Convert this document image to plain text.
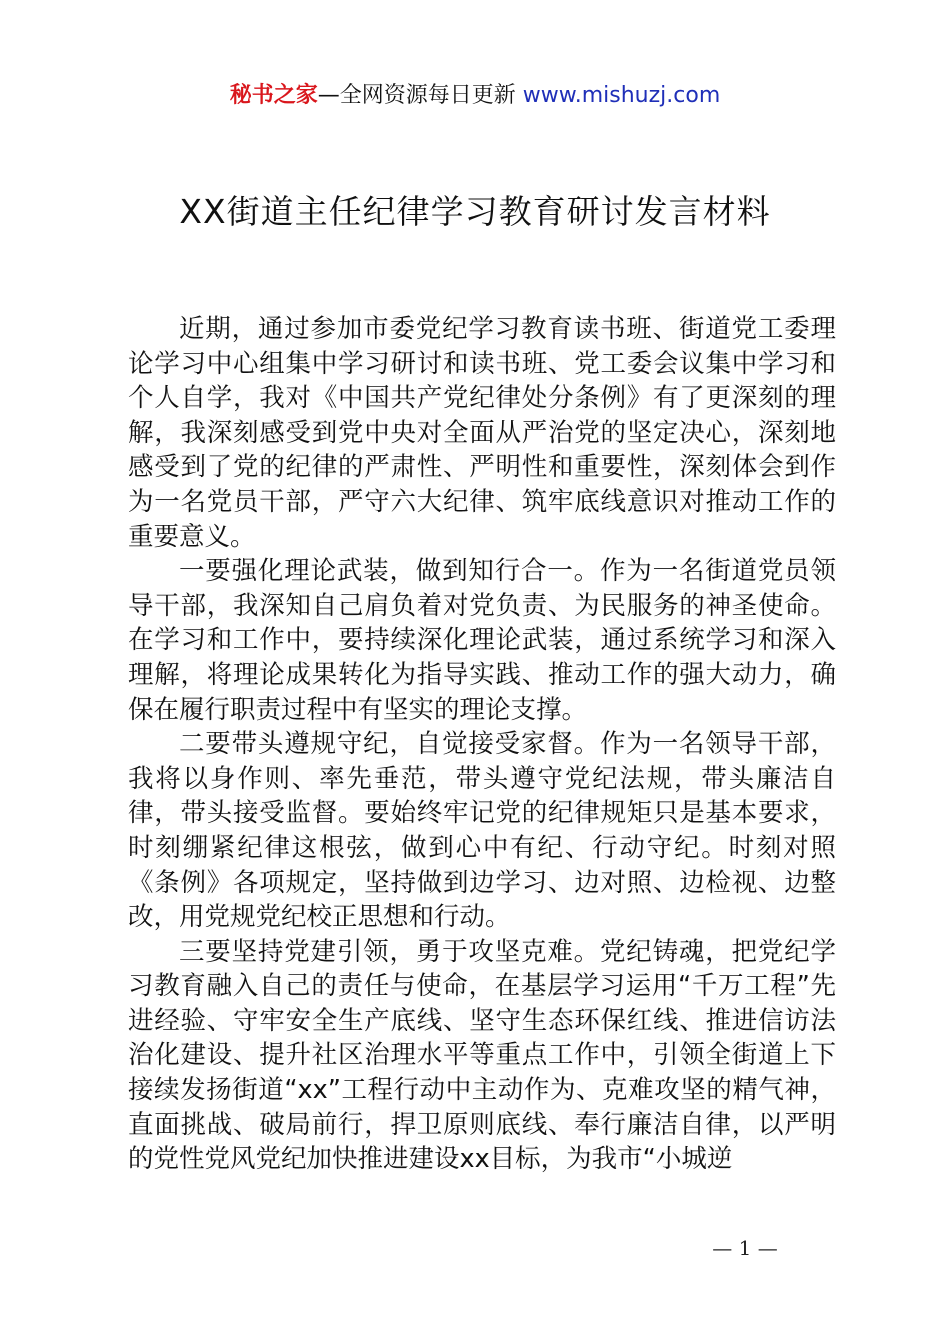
秘书之家—全网资源每日更新 www.mishuzj.com
XX街道主任纪律学习教育研讨发言材料

近期，通过参加市委党纪学习教育读书班、街道党工委理论学习中心组集中学习研讨和读书班、党工委会议集中学习和个人自学，我对《中国共产党纪律处分条例》有了更深刻的理解，我深刻感受到党中央对全面从严治党的坚定决心，深刻地感受到了党的纪律的严肃性、严明性和重要性，深刻体会到作为一名党员干部，严守六大纪律、筑牢底线意识对推动工作的重要意义。

一要强化理论武装，做到知行合一。作为一名街道党员领导干部，我深知自己肩负着对党负责、为民服务的神圣使命。在学习和工作中，要持续深化理论武装，通过系统学习和深入理解，将理论成果转化为指导实践、推动工作的强大动力，确保在履行职责过程中有坚实的理论支撑。

二要带头遵规守纪，自觉接受家督。作为一名领导干部，我将以身作则、率先垂范，带头遵守党纪法规，带头廉洁自律，带头接受监督。要始终牢记党的纪律规矩只是基本要求，时刻绷紧纪律这根弦，做到心中有纪、行动守纪。时刻对照《条例》各项规定，坚持做到边学习、边对照、边检视、边整改，用党规党纪校正思想和行动。

三要坚持党建引领，勇于攻坚克难。党纪铸魂，把党纪学习教育融入自己的责任与使命，在基层学习运用“千万工程”先进经验、守牢安全生产底线、坚守生态环保红线、推进信访法治化建设、提升社区治理水平等重点工作中，引领全街道上下接续发扬街道“xx”工程行动中主动作为、克难攻坚的精气神，直面挑战、破局前行，捍卫原则底线、奉行廉洁自律，以严明的党性党风党纪加快推进建设xx目标，为我市“小城逆

— 1 —
